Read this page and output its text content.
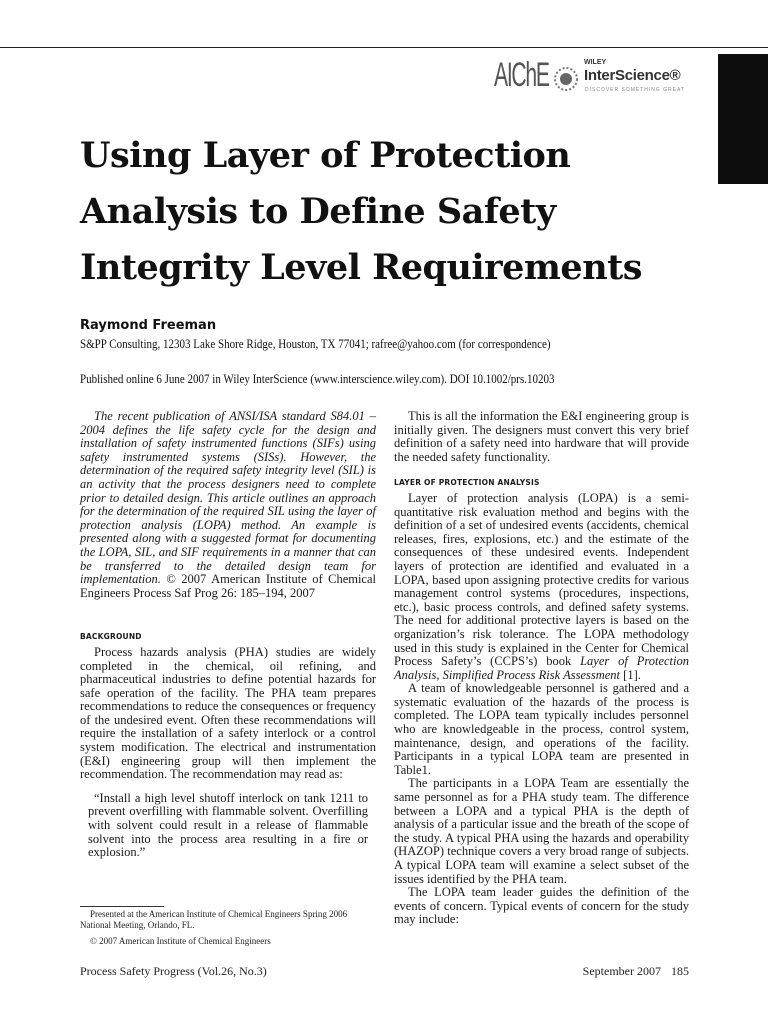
AIChE	WILEY
InterScience®
DISCOVER SOMETHING GREAT
Using Layer of Protection
Analysis to Define Safety
Integrity Level Requirements
Raymond Freeman
S&PP Consulting, 12303 Lake Shore Ridge, Houston, TX 77041; rafree@yahoo.com (for correspondence)
Published online 6 June 2007 in Wiley InterScience (www.interscience.wiley.com). DOI 10.1002/prs.10203

The recent publication of ANSI/ISA standard S84.01 – 2004 defines the life safety cycle for the design and installation of safety instrumented functions (SIFs) using safety instrumented systems (SISs). However, the determination of the required safety integrity level (SIL) is an activity that the process designers need to complete prior to detailed design. This article outlines an approach for the determination of the required SIL using the layer of protection analysis (LOPA) method. An example is presented along with a suggested format for documenting the LOPA, SIL, and SIF requirements in a manner that can be transferred to the detailed design team for implementation. © 2007 American Institute of Chemical Engineers Process Saf Prog 26: 185–194, 2007

BACKGROUND

Process hazards analysis (PHA) studies are widely completed in the chemical, oil refining, and pharmaceutical industries to define potential hazards for safe operation of the facility. The PHA team prepares recommendations to reduce the consequences or frequency of the undesired event. Often these recommendations will require the installation of a safety interlock or a control system modification. The electrical and instrumentation (E&I) engineering group will then implement the recommendation. The recommendation may read as:

“Install a high level shutoff interlock on tank 1211 to prevent overfilling with flammable solvent. Overfilling with solvent could result in a release of flammable solvent into the process area resulting in a fire or explosion.”

This is all the information the E&I engineering group is initially given. The designers must convert this very brief definition of a safety need into hardware that will provide the needed safety functionality.

LAYER OF PROTECTION ANALYSIS

Layer of protection analysis (LOPA) is a semi-quantitative risk evaluation method and begins with the definition of a set of undesired events (accidents, chemical releases, fires, explosions, etc.) and the estimate of the consequences of these undesired events. Independent layers of protection are identified and evaluated in a LOPA, based upon assigning protective credits for various management control systems (procedures, inspections, etc.), basic process controls, and defined safety systems. The need for additional protective layers is based on the organization’s risk tolerance. The LOPA methodology used in this study is explained in the Center for Chemical Process Safety’s (CCPS’s) book Layer of Protection Analysis, Simplified Process Risk Assessment [1].

A team of knowledgeable personnel is gathered and a systematic evaluation of the hazards of the process is completed. The LOPA team typically includes personnel who are knowledgeable in the process, control system, maintenance, design, and operations of the facility. Participants in a typical LOPA team are presented in Table1.

The participants in a LOPA Team are essentially the same personnel as for a PHA study team. The difference between a LOPA and a typical PHA is the depth of analysis of a particular issue and the breath of the scope of the study. A typical PHA using the hazards and operability (HAZOP) technique covers a very broad range of subjects. A typical LOPA team will examine a select subset of the issues identified by the PHA team.

The LOPA team leader guides the definition of the events of concern. Typical events of concern for the study may include:

Presented at the American Institute of Chemical Engineers Spring 2006 National Meeting, Orlando, FL.

© 2007 American Institute of Chemical Engineers

Process Safety Progress (Vol.26, No.3)	September 2007 185
